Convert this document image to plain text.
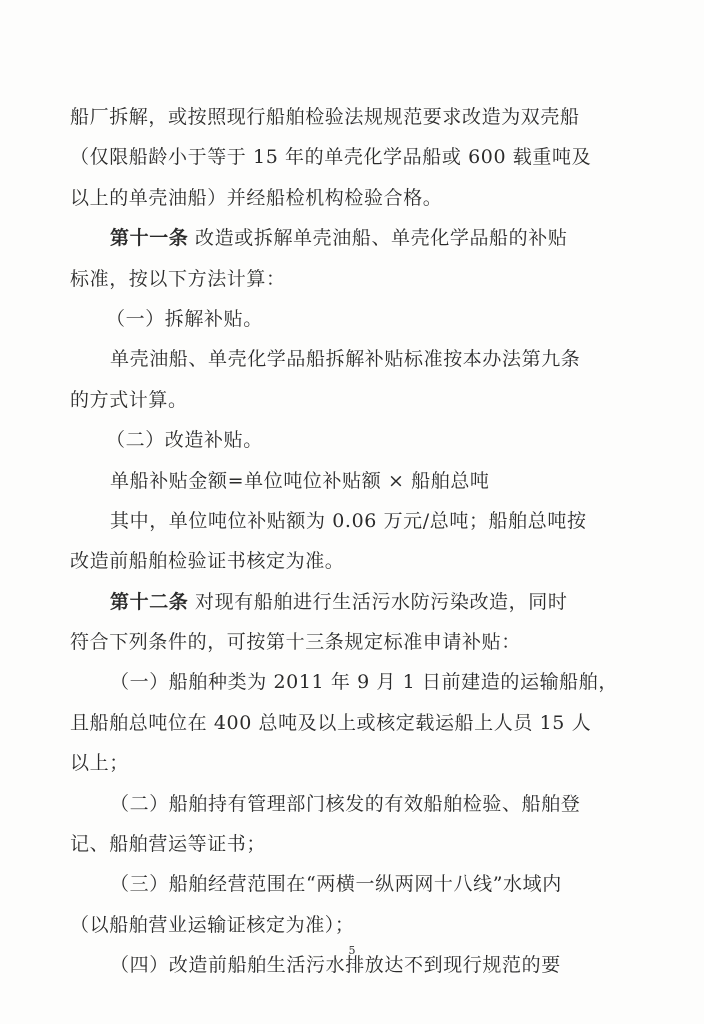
船厂拆解，或按照现行船舶检验法规规范要求改造为双壳船
（仅限船龄小于等于 15 年的单壳化学品船或 600 载重吨及
以上的单壳油船）并经船检机构检验合格。
第十一条 改造或拆解单壳油船、单壳化学品船的补贴
标准，按以下方法计算：
（一）拆解补贴。
单壳油船、单壳化学品船拆解补贴标准按本办法第九条
的方式计算。
（二）改造补贴。
单船补贴金额=单位吨位补贴额 × 船舶总吨
其中，单位吨位补贴额为 0.06 万元/总吨；船舶总吨按
改造前船舶检验证书核定为准。
第十二条 对现有船舶进行生活污水防污染改造，同时
符合下列条件的，可按第十三条规定标准申请补贴：
（一）船舶种类为 2011 年 9 月 1 日前建造的运输船舶，
且船舶总吨位在 400 总吨及以上或核定载运船上人员 15 人
以上；
（二）船舶持有管理部门核发的有效船舶检验、船舶登
记、船舶营运等证书；
（三）船舶经营范围在“两横一纵两网十八线”水域内
（以船舶营业运输证核定为准）；
（四）改造前船舶生活污水排放达不到现行规范的要
5
